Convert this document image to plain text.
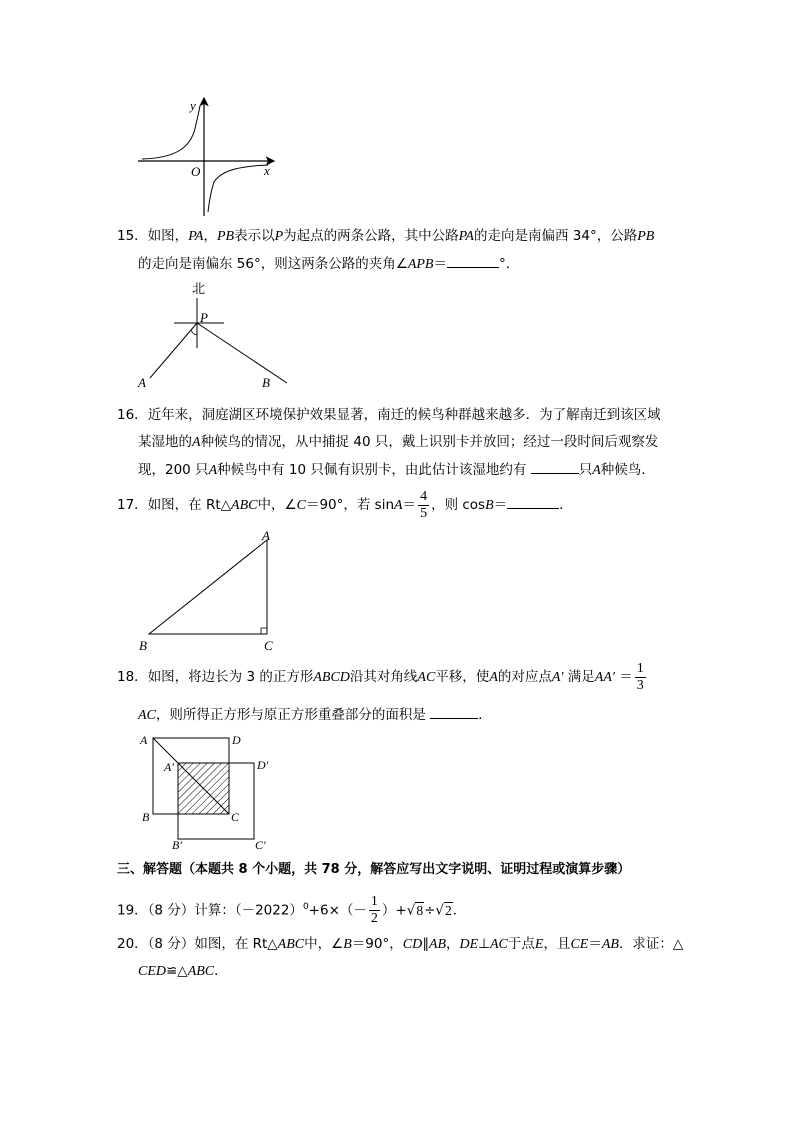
y
x
O
15．如图，PA，PB表示以P为起点的两条公路，其中公路PA的走向是南偏西 34°，公路PB
的走向是南偏东 56°，则这两条公路的夹角∠APB＝	°．
北
P
A	B
16．近年来，洞庭湖区环境保护效果显著，南迁的候鸟种群越来越多．为了解南迁到该区域
某湿地的A种候鸟的情况，从中捕捉 40 只，戴上识别卡并放回；经过一段时间后观察发
现，200 只A种候鸟中有 10 只佩有识别卡，由此估计该湿地约有	只A种候鸟．
17．如图，在 Rt△ABC中，∠C＝90°，若 $\sin A= \frac{4}{5}$ ，则 cosB＝	．
A
B	C
18．如图，将边长为 3 的正方形ABCD沿其对角线AC平移，使A的对应点A′ 满足$AA' = \frac{1}{3}$
AC，则所得正方形与原正方形重叠部分的面积是	．
A	D
A′	D′
B	C
B′	C′
三、解答题（本题共 8 个小题，共 78 分，解答应写出文字说明、证明过程或演算步骤）
19．（8 分）计算：$(-2022)^0+6\times(- \frac{1}{2} )+√8\div√2$．
20．（8 分）如图，在 Rt△ABC中，∠B＝90°，CD∥AB，DE⊥AC于点E，且CE＝AB．求证：△
CED≌△ABC．
